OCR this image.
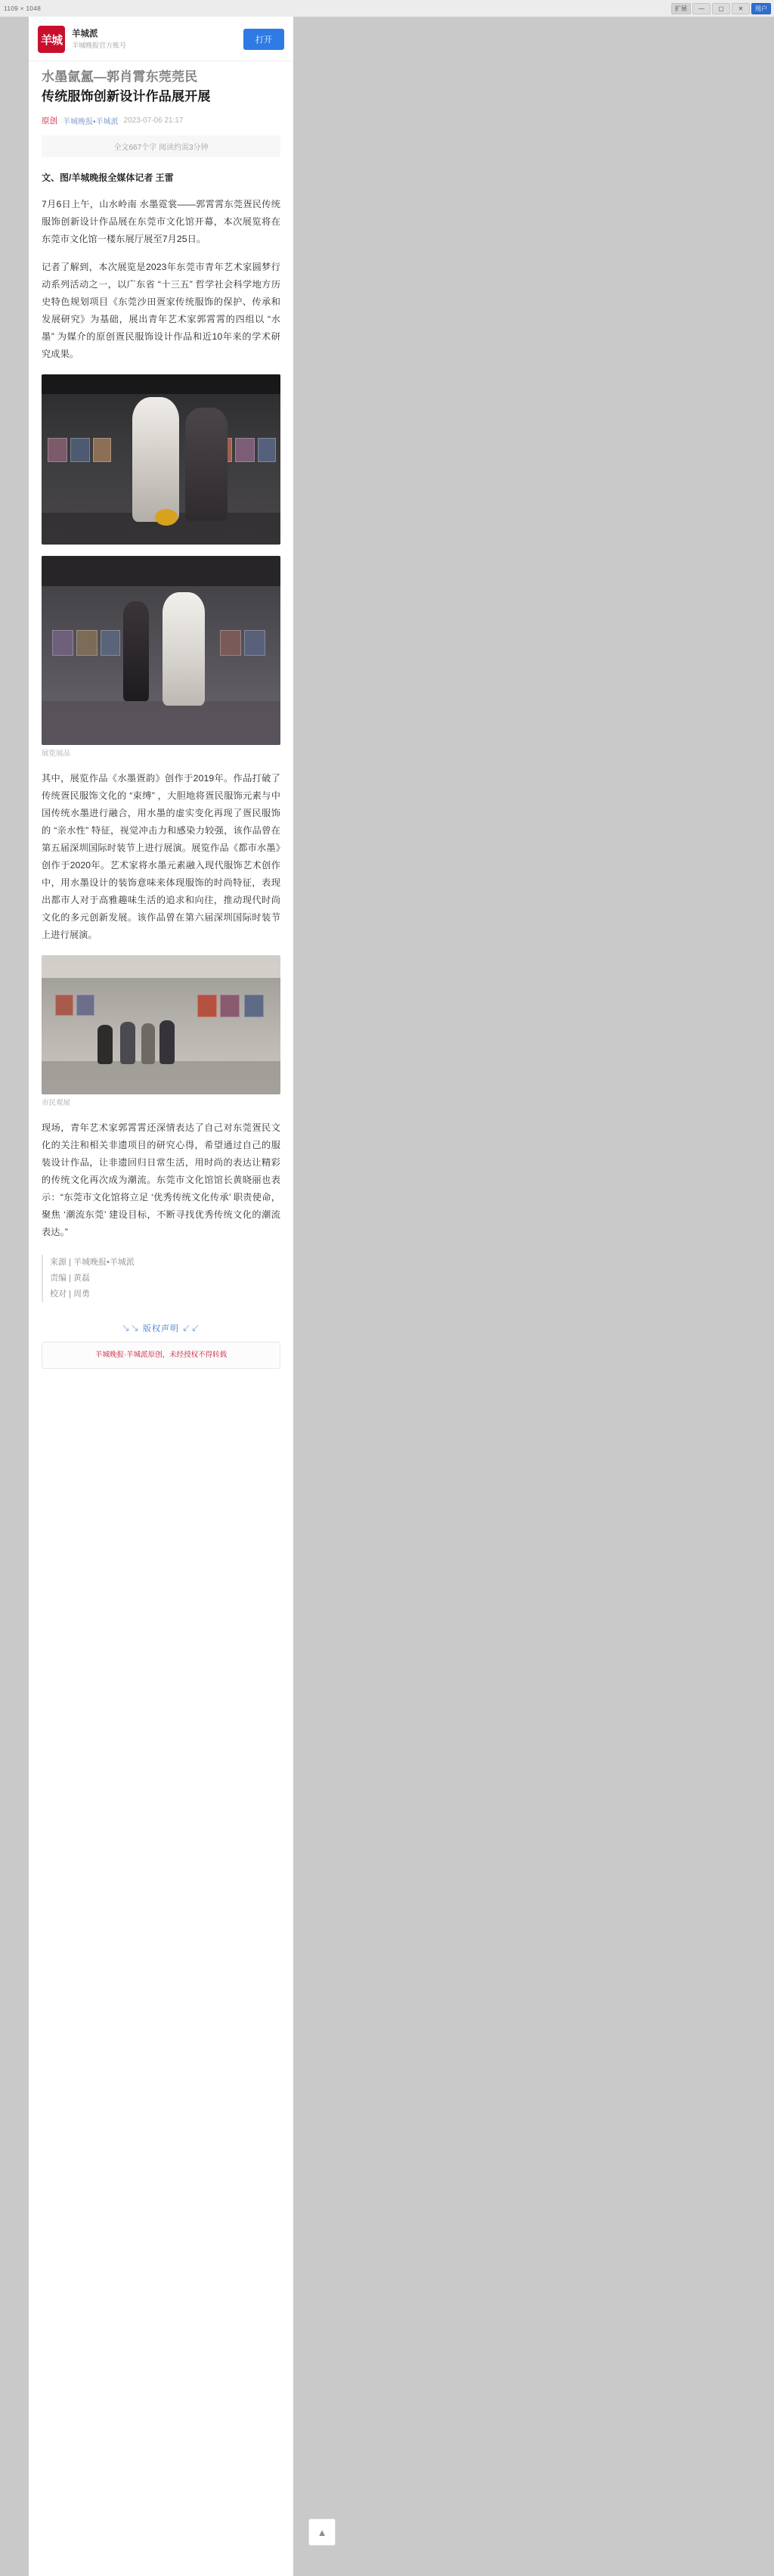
1109 × 1048	扩展	—	▢	✕	用户
羊城	羊城派
羊城晚报官方账号
打开
水墨氤氲—郭肖霄东莞莞民
传统服饰创新设计作品展开展
原创 羊城晚报•羊城派 2023-07-06 21:17
全文667个字 阅读约需3分钟
文、图/羊城晚报全媒体记者 王雷

7月6日上午，山水岭南 水墨霓裳——郭霄霄东莞疍民传统服饰创新设计作品展在东莞市文化馆开幕，本次展览将在东莞市文化馆一楼东展厅展至7月25日。

记者了解到，本次展览是2023年东莞市青年艺术家圆梦行动系列活动之一，以广东省 “十三五” 哲学社会科学地方历史特色规划项目《东莞沙田疍家传统服饰的保护、传承和发展研究》为基础，展出青年艺术家郭霄霄的四组以 “水墨” 为媒介的原创疍民服饰设计作品和近10年来的学术研究成果。

展览展品

其中，展览作品《水墨疍韵》创作于2019年。作品打破了传统疍民服饰文化的 “束缚” ，大胆地将疍民服饰元素与中国传统水墨进行融合，用水墨的虚实变化再现了疍民服饰的 “亲水性” 特征，视觉冲击力和感染力较强，该作品曾在第五届深圳国际时装节上进行展演。展览作品《都市水墨》创作于2020年。艺术家将水墨元素融入现代服饰艺术创作中，用水墨设计的装饰意味来体现服饰的时尚特征，表现出都市人对于高雅趣味生活的追求和向往，推动现代时尚文化的多元创新发展。该作品曾在第六届深圳国际时装节上进行展演。

市民观展

现场，青年艺术家郭霄霄还深情表达了自己对东莞疍民文化的关注和相关非遗项目的研究心得，希望通过自己的服装设计作品，让非遗回归日常生活，用时尚的表达让精彩的传统文化再次成为潮流。东莞市文化馆馆长黄晓丽也表示：“东莞市文化馆将立足 ‘优秀传统文化传承’ 职责使命，聚焦 ‘潮流东莞’ 建设目标，不断寻找优秀传统文化的潮流表达。”

来源 | 羊城晚报•羊城派
责编 | 黄磊
校对 | 周勇
↘↘ 版权声明 ↙↙
羊城晚报·羊城派原创，未经授权不得转载
▲
